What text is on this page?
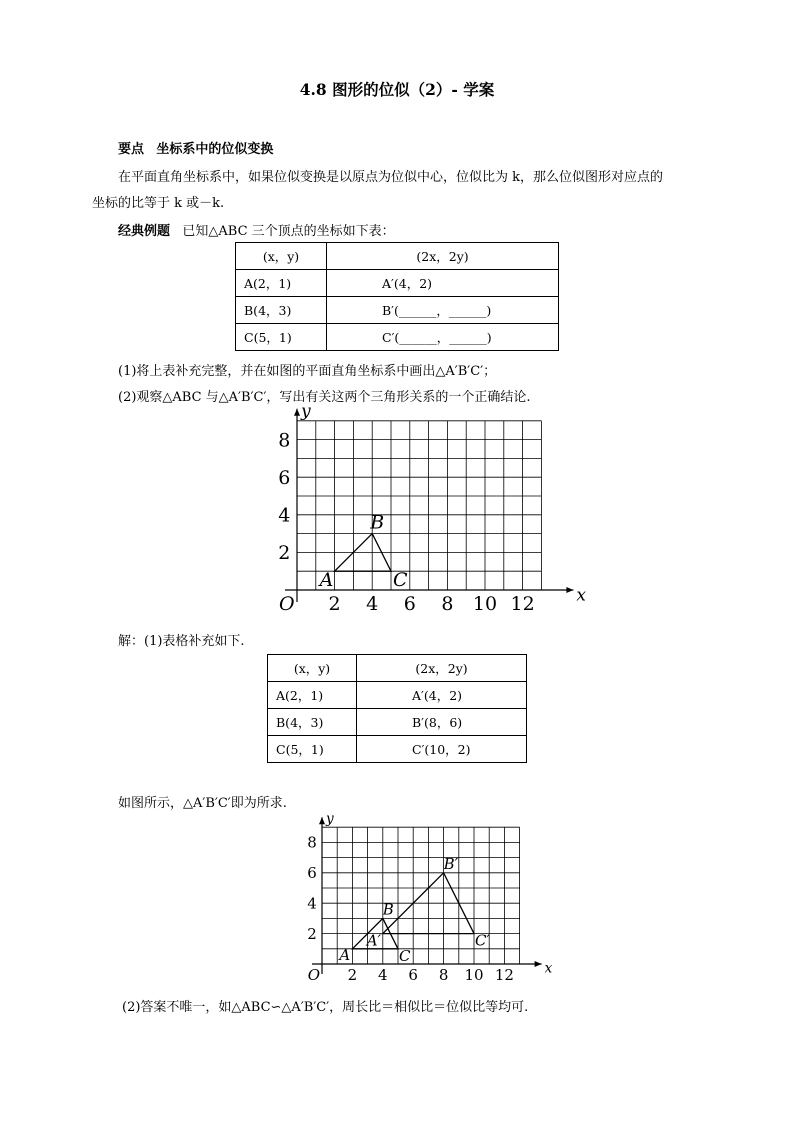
4.8 图形的位似（2）- 学案
要点 坐标系中的位似变换
在平面直角坐标系中，如果位似变换是以原点为位似中心，位似比为 k，那么位似图形对应点的
坐标的比等于 k 或－k.
经典例题 已知△ABC 三个顶点的坐标如下表：
(x，y)	(2x，2y)
A(2，1)	A′(4，2)
B(4，3)	B′(______，______)
C(5，1)	C′(______，______)
(1)将上表补充完整，并在如图的平面直角坐标系中画出△A′B′C′；
(2)观察△ABC 与△A′B′C′，写出有关这两个三角形关系的一个正确结论.
x
y
O 2 4 6 8 10 12
2
4
6
8
A
B
C
解：(1)表格补充如下.
(x，y)	(2x，2y)
A(2，1)	A′(4，2)
B(4，3)	B′(8，6)
C(5，1)	C′(10，2)
如图所示，△A′B′C′即为所求.
x
y
O 2 4 6 8 10 12
2
4
6
8
A
B
C
A′
B′
C′
(2)答案不唯一，如△ABC∽△A′B′C′，周长比＝相似比＝位似比等均可.
